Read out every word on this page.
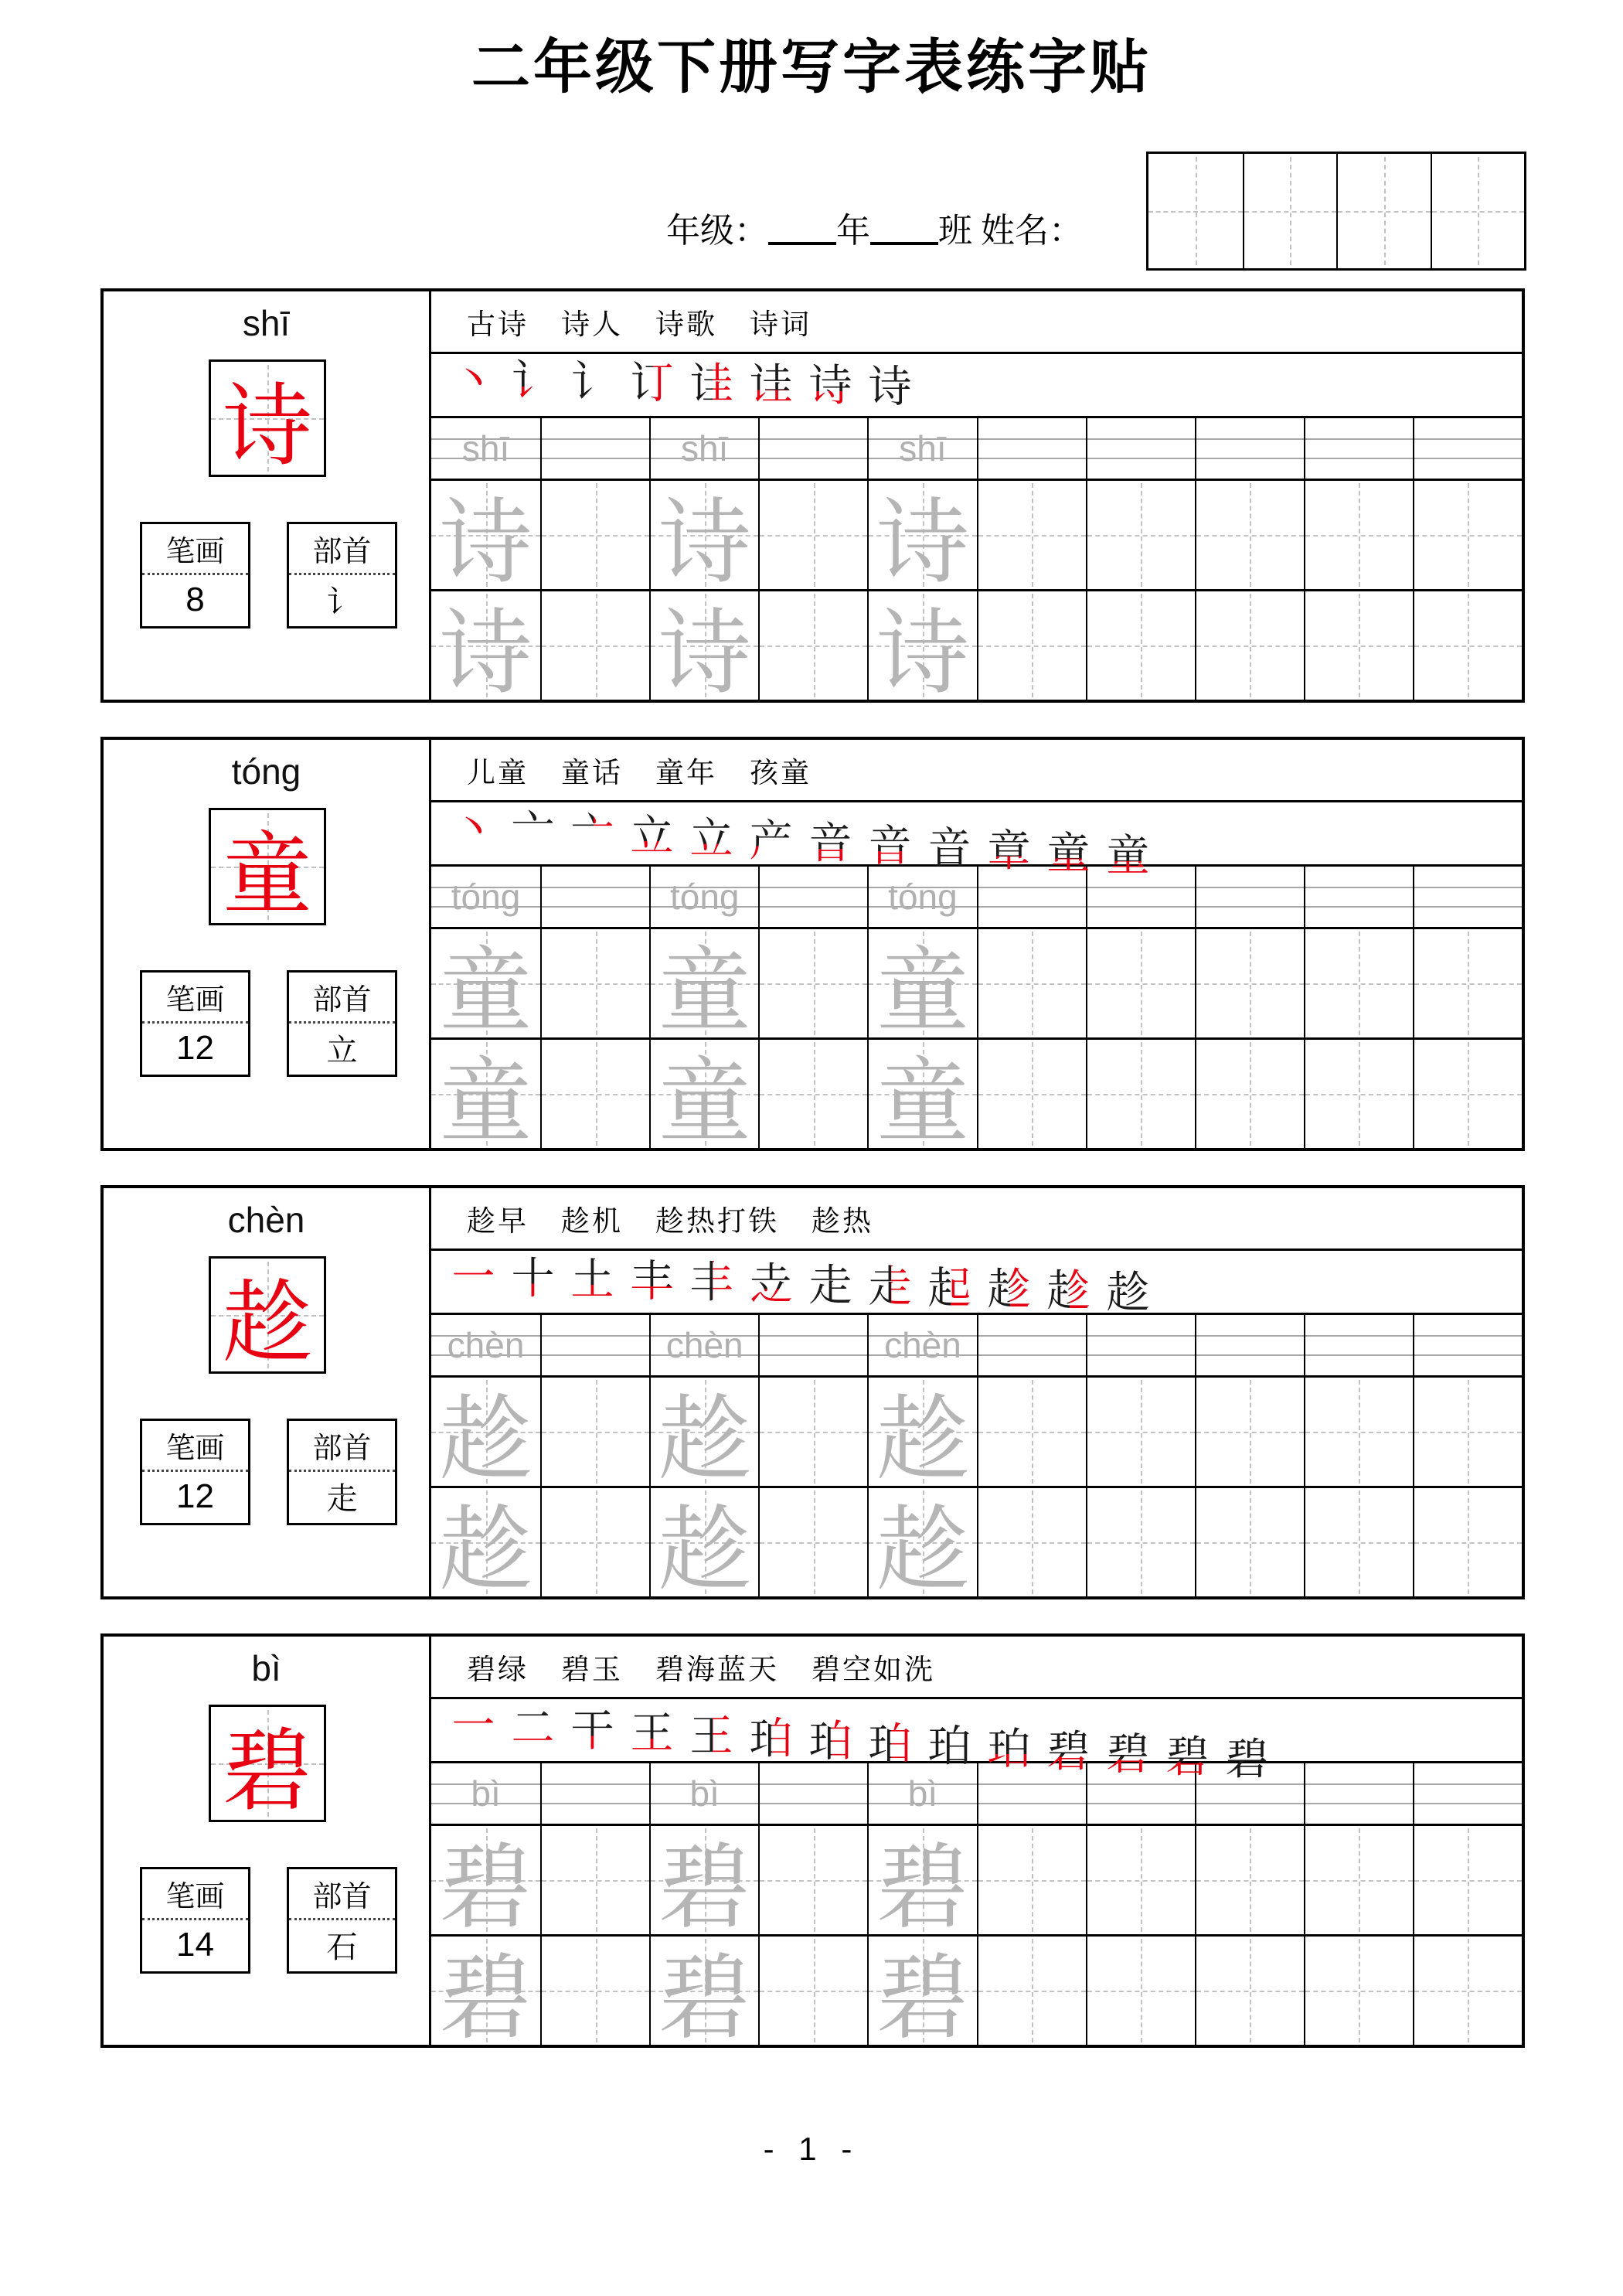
二年级下册写字表练字贴
年级： 年 班 姓名：
shī
诗
笔画
8
部首
讠
古诗 诗人 诗歌 诗词
丶 讠 讠 订 诖 诖 诗 诗
shī	shī	shī
诗 诗 诗
诗 诗 诗
tóng
童
笔画
12
部首
立
儿童 童话 童年 孩童
丶 亠 亠 立 立 产 音 音 音 章 童 童
tóng	tóng	tóng
童 童 童
童 童 童
chèn
趁
笔画
12
部首
走
趁早 趁机 趁热打铁 趁热
一 十 土 丰 丰 赱 走 走 起 趁 趁 趁
chèn	chèn	chèn
趁 趁 趁
趁 趁 趁
bì
碧
笔画
14
部首
石
碧绿 碧玉 碧海蓝天 碧空如洗
一 二 干 王 王 珀 珀 珀 珀 珀 碧 碧 碧 碧
bì	bì	bì
碧 碧 碧
碧 碧 碧
- 1 -
